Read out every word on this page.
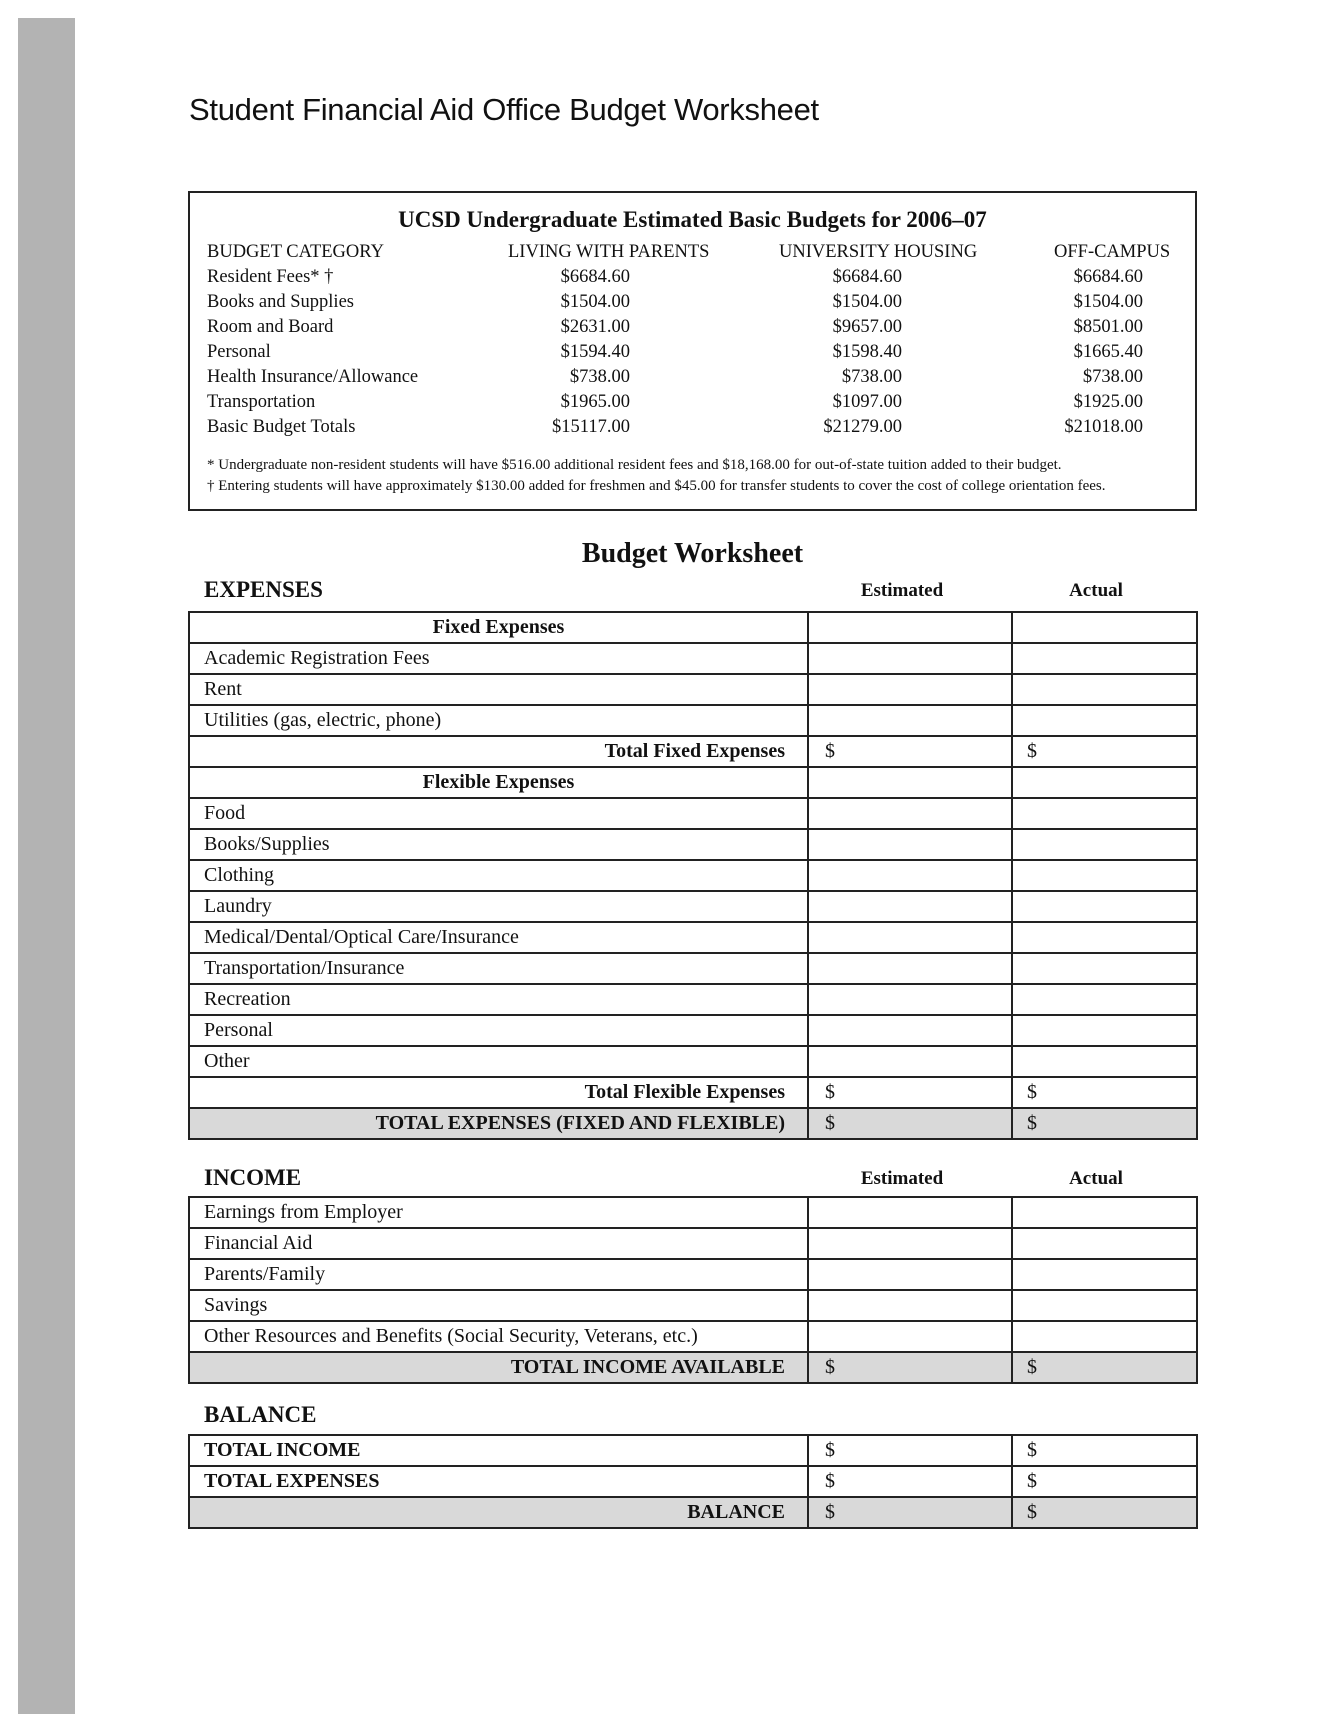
Student Financial Aid Office Budget Worksheet
UCSD Undergraduate Estimated Basic Budgets for 2006–07
BUDGET CATEGORY	LIVING WITH PARENTS	UNIVERSITY HOUSING	OFF-CAMPUS
Resident Fees* †	$6684.60	$6684.60	$6684.60
Books and Supplies	$1504.00	$1504.00	$1504.00
Room and Board	$2631.00	$9657.00	$8501.00
Personal	$1594.40	$1598.40	$1665.40
Health Insurance/Allowance	$738.00	$738.00	$738.00
Transportation	$1965.00	$1097.00	$1925.00
Basic Budget Totals	$15117.00	$21279.00	$21018.00
* Undergraduate non-resident students will have $516.00 additional resident fees and $18,168.00 for out-of-state tuition added to their budget.
† Entering students will have approximately $130.00 added for freshmen and $45.00 for transfer students to cover the cost of college orientation fees.
Budget Worksheet
EXPENSES	Estimated	Actual
Fixed Expenses		
Academic Registration Fees		
Rent		
Utilities (gas, electric, phone)		
Total Fixed Expenses	$	$
Flexible Expenses		
Food		
Books/Supplies		
Clothing		
Laundry		
Medical/Dental/Optical Care/Insurance		
Transportation/Insurance		
Recreation		
Personal		
Other		
Total Flexible Expenses	$	$
TOTAL EXPENSES (FIXED AND FLEXIBLE)	$	$
INCOME	Estimated	Actual
Earnings from Employer		
Financial Aid		
Parents/Family		
Savings		
Other Resources and Benefits (Social Security, Veterans, etc.)		
TOTAL INCOME AVAILABLE	$	$
BALANCE
TOTAL INCOME	$	$
TOTAL EXPENSES	$	$
BALANCE	$	$
